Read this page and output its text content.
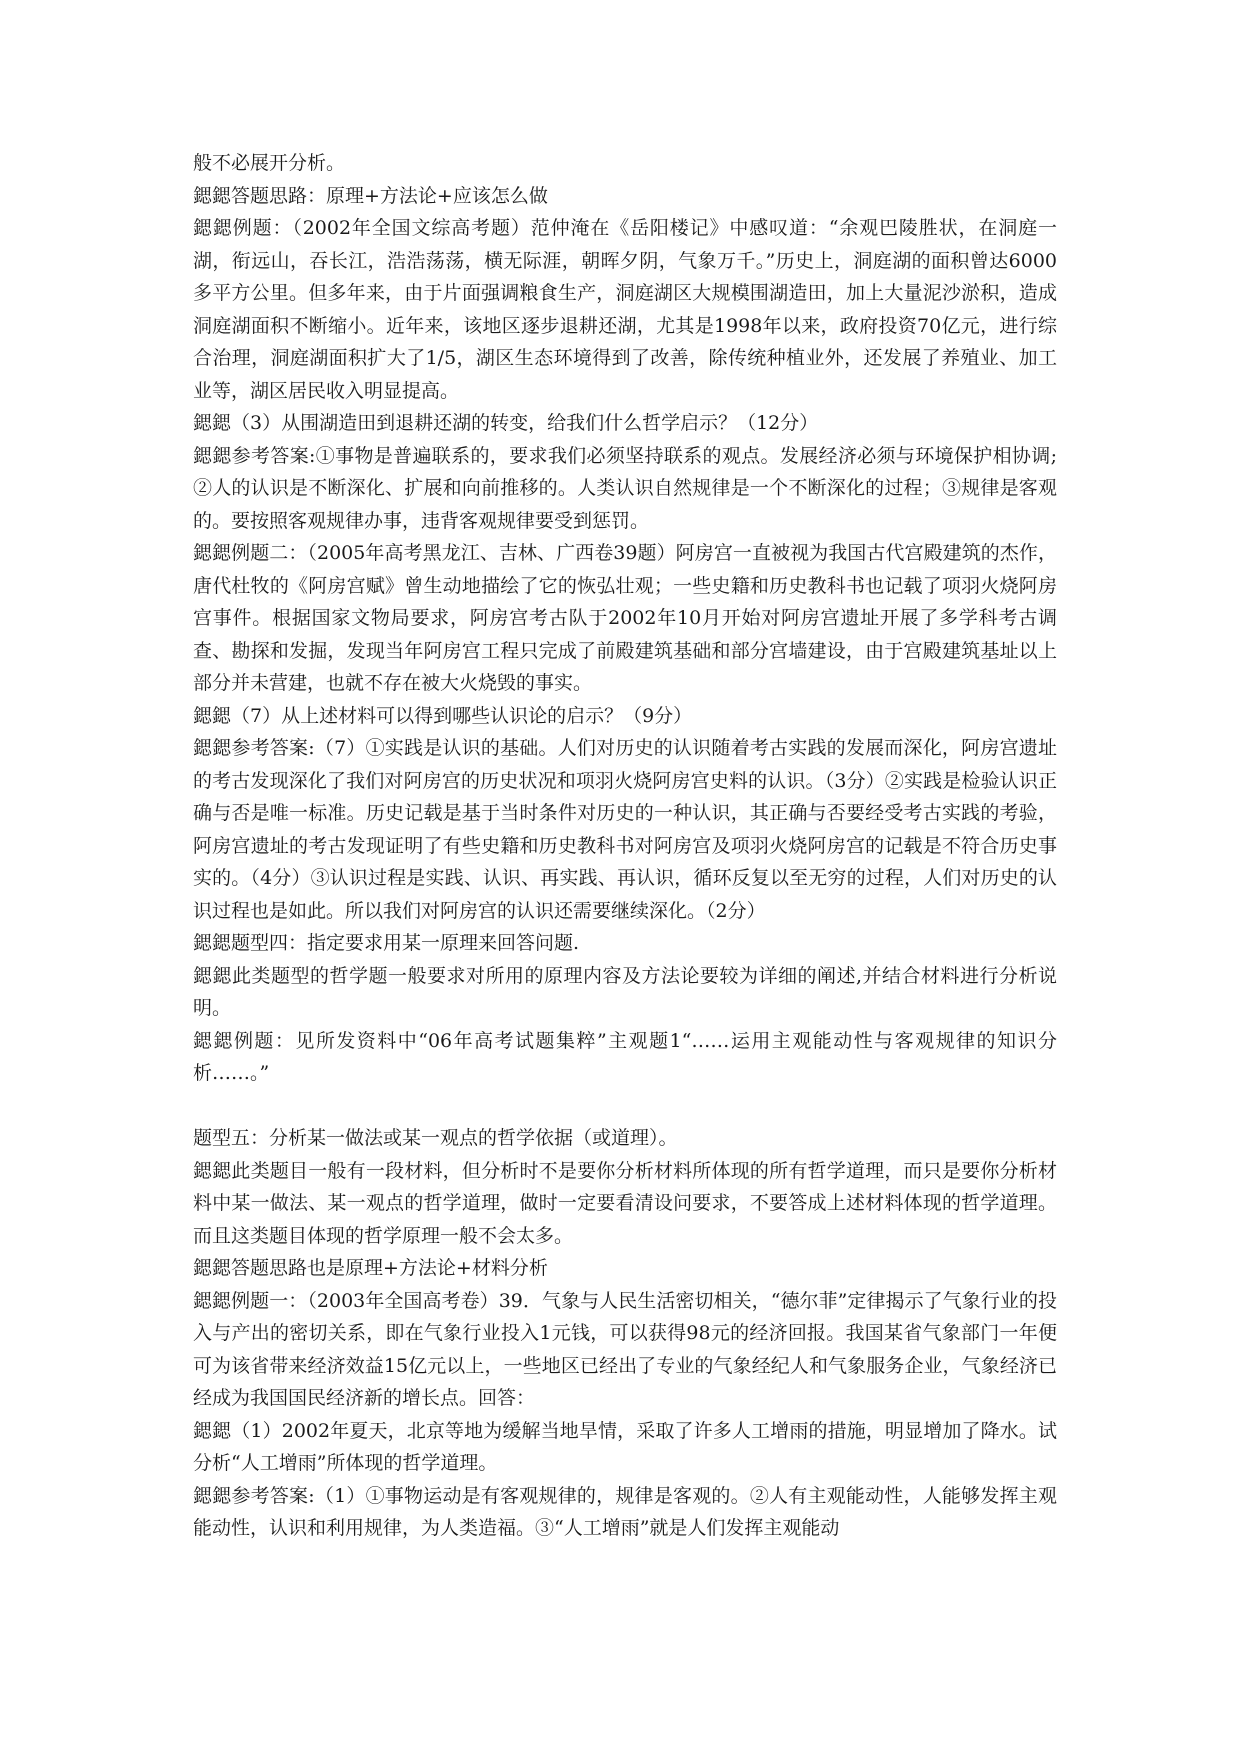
般不必展开分析。

鍶鍶答题思路：原理+方法论+应该怎么做

鍶鍶例题：（2002年全国文综高考题）范仲淹在《岳阳楼记》中感叹道：“余观巴陵胜状，在洞庭一湖，衔远山，吞长江，浩浩荡荡，横无际涯，朝晖夕阴，气象万千。”历史上，洞庭湖的面积曾达6000多平方公里。但多年来，由于片面强调粮食生产，洞庭湖区大规模围湖造田，加上大量泥沙淤积，造成洞庭湖面积不断缩小。近年来，该地区逐步退耕还湖，尤其是1998年以来，政府投资70亿元，进行综合治理，洞庭湖面积扩大了1/5，湖区生态环境得到了改善，除传统种植业外，还发展了养殖业、加工业等，湖区居民收入明显提高。

鍶鍶（3）从围湖造田到退耕还湖的转变，给我们什么哲学启示？（12分）

鍶鍶参考答案:①事物是普遍联系的，要求我们必须坚持联系的观点。发展经济必须与环境保护相协调;②人的认识是不断深化、扩展和向前推移的。人类认识自然规律是一个不断深化的过程；③规律是客观的。要按照客观规律办事，违背客观规律要受到惩罚。

鍶鍶例题二：（2005年高考黑龙江、吉林、广西卷39题）阿房宫一直被视为我国古代宫殿建筑的杰作，唐代杜牧的《阿房宫赋》曾生动地描绘了它的恢弘壮观；一些史籍和历史教科书也记载了项羽火烧阿房宫事件。根据国家文物局要求，阿房宫考古队于2002年10月开始对阿房宫遗址开展了多学科考古调查、勘探和发掘，发现当年阿房宫工程只完成了前殿建筑基础和部分宫墙建设，由于宫殿建筑基址以上部分并未营建，也就不存在被大火烧毁的事实。

鍶鍶（7）从上述材料可以得到哪些认识论的启示？（9分）

鍶鍶参考答案:（7）①实践是认识的基础。人们对历史的认识随着考古实践的发展而深化，阿房宫遗址的考古发现深化了我们对阿房宫的历史状况和项羽火烧阿房宫史料的认识。（3分）②实践是检验认识正确与否是唯一标准。历史记载是基于当时条件对历史的一种认识，其正确与否要经受考古实践的考验，阿房宫遗址的考古发现证明了有些史籍和历史教科书对阿房宫及项羽火烧阿房宫的记载是不符合历史事实的。（4分）③认识过程是实践、认识、再实践、再认识，循环反复以至无穷的过程，人们对历史的认识过程也是如此。所以我们对阿房宫的认识还需要继续深化。（2分）

鍶鍶题型四：指定要求用某一原理来回答问题.

鍶鍶此类题型的哲学题一般要求对所用的原理内容及方法论要较为详细的阐述,并结合材料进行分析说明。

鍶鍶例题：见所发资料中“06年高考试题集粹”主观题1“……运用主观能动性与客观规律的知识分析……。”

题型五：分析某一做法或某一观点的哲学依据（或道理）。

鍶鍶此类题目一般有一段材料，但分析时不是要你分析材料所体现的所有哲学道理，而只是要你分析材料中某一做法、某一观点的哲学道理，做时一定要看清设问要求，不要答成上述材料体现的哲学道理。而且这类题目体现的哲学原理一般不会太多。

鍶鍶答题思路也是原理+方法论+材料分析

鍶鍶例题一：（2003年全国高考卷）39．气象与人民生活密切相关，“德尔菲”定律揭示了气象行业的投入与产出的密切关系，即在气象行业投入1元钱，可以获得98元的经济回报。我国某省气象部门一年便可为该省带来经济效益15亿元以上，一些地区已经出了专业的气象经纪人和气象服务企业，气象经济已经成为我国国民经济新的增长点。回答：

鍶鍶（1）2002年夏天，北京等地为缓解当地旱情，采取了许多人工增雨的措施，明显增加了降水。试分析“人工增雨”所体现的哲学道理。

鍶鍶参考答案:（1）①事物运动是有客观规律的，规律是客观的。②人有主观能动性，人能够发挥主观能动性，认识和利用规律，为人类造福。③“人工增雨”就是人们发挥主观能动
